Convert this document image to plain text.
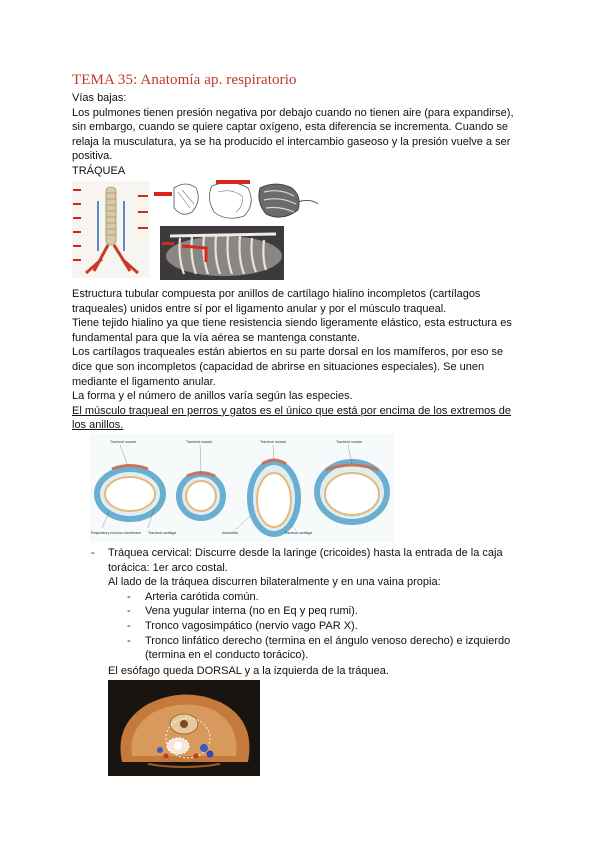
TEMA 35: Anatomía ap. respiratorio
Vías bajas:
Los pulmones tienen presión negativa por debajo cuando no tienen aire (para expandirse),
sin embargo, cuando se quiere captar oxígeno, esta diferencia se incrementa. Cuando se
relaja la musculatura, ya se ha producido el intercambio gaseoso y la presión vuelve a ser
positiva.
TRÁQUEA
Estructura tubular compuesta por anillos de cartílago hialino incompletos (cartílagos
traqueales) unidos entre sí por el ligamento anular y por el músculo traqueal.
Tiene tejido hialino ya que tiene resistencia siendo ligeramente elástico, esta estructura es
fundamental para que la vía aérea se mantenga constante.
Los cartílagos traqueales están abiertos en su parte dorsal en los mamíferos, por eso se
dice que son incompletos (capacidad de abrirse en situaciones especiales). Se unen
mediante el ligamento anular.
La forma y el número de anillos varía según las especies.
El músculo traqueal en perros y gatos es el único que está por encima de los extremos de
los anillos.
Tracheal muscle	Tracheal muscle	Tracheal muscle	Tracheal muscle
Respiratory mucous membrane Tracheal cartilage	Adventitia	Tracheal cartilage
- Tráquea cervical: Discurre desde la laringe (cricoides) hasta la entrada de la caja
torácica: 1er arco costal.
Al lado de la tráquea discurren bilateralmente y en una vaina propia:
- Arteria carótida común.
- Vena yugular interna (no en Eq y peq rumi).
- Tronco vagosimpático (nervio vago PAR X).
- Tronco linfático derecho (termina en el ángulo venoso derecho) e izquierdo
(termina en el conducto torácico).
El esófago queda DORSAL y a la izquierda de la tráquea.
